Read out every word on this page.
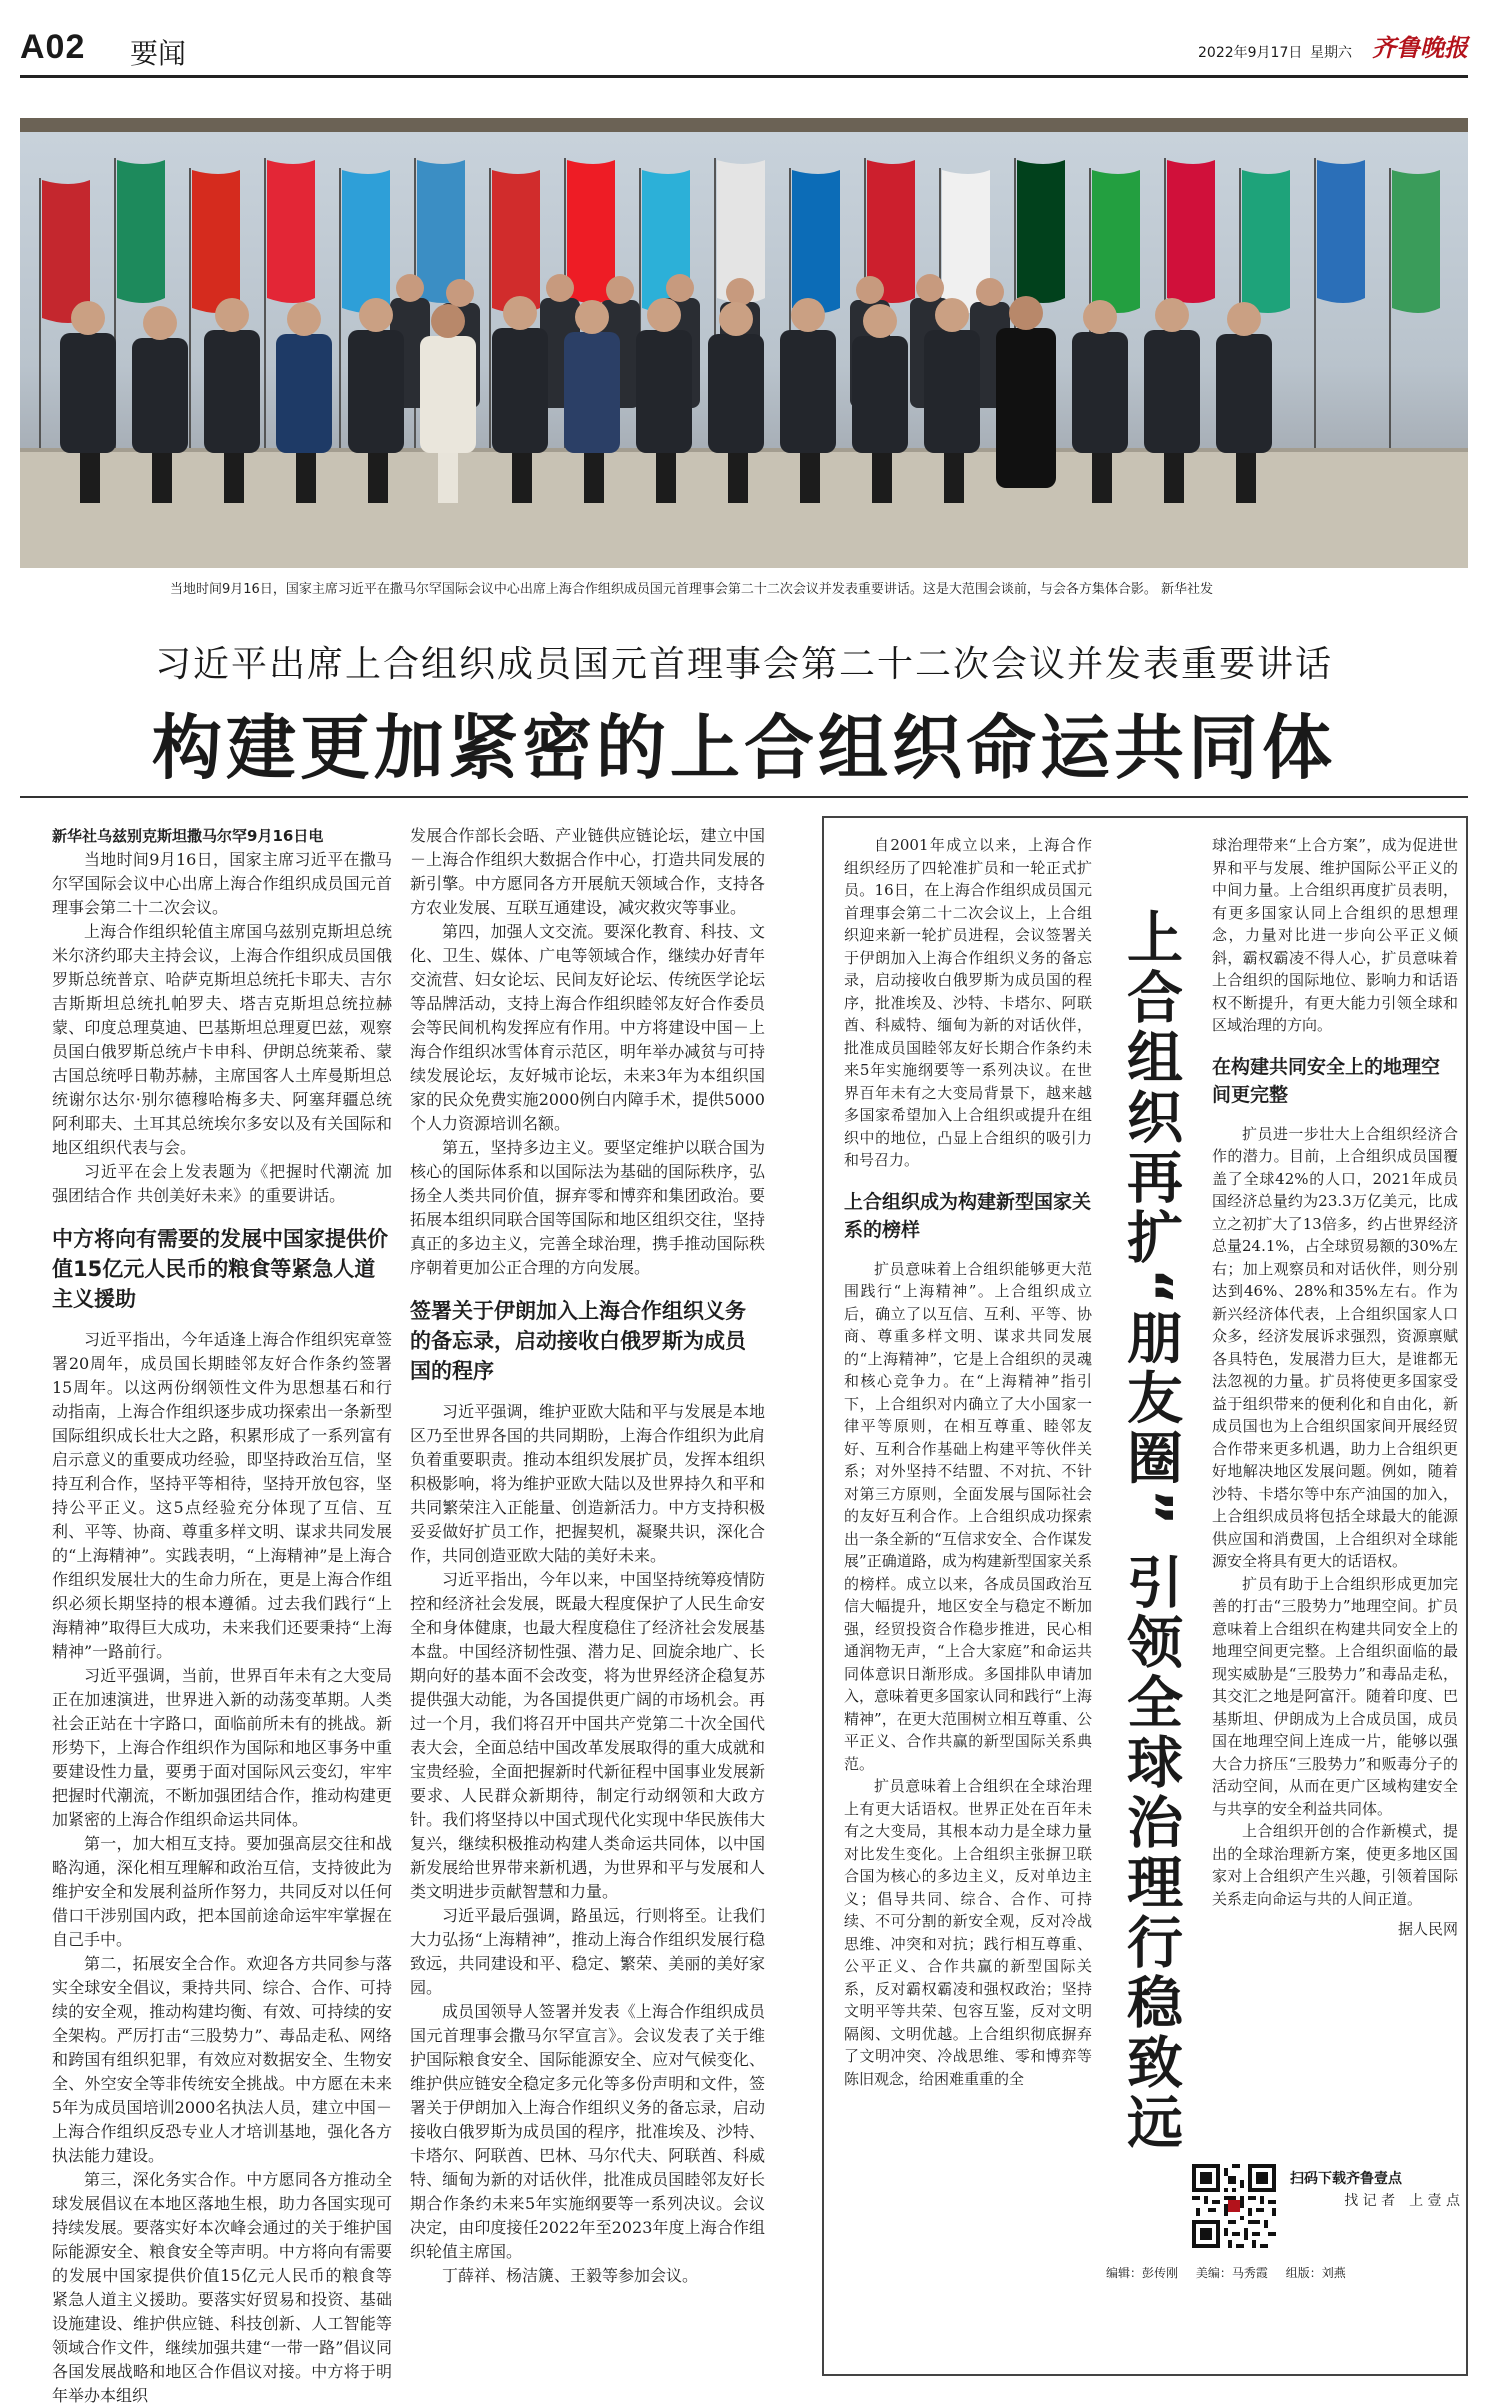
A02 要闻	2022年9月17日 星期六 齐鲁晚报
当地时间9月16日，国家主席习近平在撒马尔罕国际会议中心出席上海合作组织成员国元首理事会第二十二次会议并发表重要讲话。这是大范围会谈前，与会各方集体合影。 新华社发
习近平出席上合组织成员国元首理事会第二十二次会议并发表重要讲话
构建更加紧密的上合组织命运共同体

新华社乌兹别克斯坦撒马尔罕9月16日电

当地时间9月16日，国家主席习近平在撒马尔罕国际会议中心出席上海合作组织成员国元首理事会第二十二次会议。

上海合作组织轮值主席国乌兹别克斯坦总统米尔济约耶夫主持会议，上海合作组织成员国俄罗斯总统普京、哈萨克斯坦总统托卡耶夫、吉尔吉斯斯坦总统扎帕罗夫、塔吉克斯坦总统拉赫蒙、印度总理莫迪、巴基斯坦总理夏巴兹，观察员国白俄罗斯总统卢卡申科、伊朗总统莱希、蒙古国总统呼日勒苏赫，主席国客人土库曼斯坦总统谢尔达尔·别尔德穆哈梅多夫、阿塞拜疆总统阿利耶夫、土耳其总统埃尔多安以及有关国际和地区组织代表与会。

习近平在会上发表题为《把握时代潮流 加强团结合作 共创美好未来》的重要讲话。

中方将向有需要的发展中国家提供价值15亿元人民币的粮食等紧急人道主义援助

习近平指出，今年适逢上海合作组织宪章签署20周年，成员国长期睦邻友好合作条约签署15周年。以这两份纲领性文件为思想基石和行动指南，上海合作组织逐步成功探索出一条新型国际组织成长壮大之路，积累形成了一系列富有启示意义的重要成功经验，即坚持政治互信，坚持互利合作，坚持平等相待，坚持开放包容，坚持公平正义。这5点经验充分体现了互信、互利、平等、协商、尊重多样文明、谋求共同发展的“上海精神”。实践表明，“上海精神”是上海合作组织发展壮大的生命力所在，更是上海合作组织必须长期坚持的根本遵循。过去我们践行“上海精神”取得巨大成功，未来我们还要秉持“上海精神”一路前行。

习近平强调，当前，世界百年未有之大变局正在加速演进，世界进入新的动荡变革期。人类社会正站在十字路口，面临前所未有的挑战。新形势下，上海合作组织作为国际和地区事务中重要建设性力量，要勇于面对国际风云变幻，牢牢把握时代潮流，不断加强团结合作，推动构建更加紧密的上海合作组织命运共同体。

第一，加大相互支持。要加强高层交往和战略沟通，深化相互理解和政治互信，支持彼此为维护安全和发展利益所作努力，共同反对以任何借口干涉别国内政，把本国前途命运牢牢掌握在自己手中。

第二，拓展安全合作。欢迎各方共同参与落实全球安全倡议，秉持共同、综合、合作、可持续的安全观，推动构建均衡、有效、可持续的安全架构。严厉打击“三股势力”、毒品走私、网络和跨国有组织犯罪，有效应对数据安全、生物安全、外空安全等非传统安全挑战。中方愿在未来5年为成员国培训2000名执法人员，建立中国－上海合作组织反恐专业人才培训基地，强化各方执法能力建设。

第三，深化务实合作。中方愿同各方推动全球发展倡议在本地区落地生根，助力各国实现可持续发展。要落实好本次峰会通过的关于维护国际能源安全、粮食安全等声明。中方将向有需要的发展中国家提供价值15亿元人民币的粮食等紧急人道主义援助。要落实好贸易和投资、基础设施建设、维护供应链、科技创新、人工智能等领域合作文件，继续加强共建“一带一路”倡议同各国发展战略和地区合作倡议对接。中方将于明年举办本组织

发展合作部长会晤、产业链供应链论坛，建立中国－上海合作组织大数据合作中心，打造共同发展的新引擎。中方愿同各方开展航天领域合作，支持各方农业发展、互联互通建设，减灾救灾等事业。

第四，加强人文交流。要深化教育、科技、文化、卫生、媒体、广电等领域合作，继续办好青年交流营、妇女论坛、民间友好论坛、传统医学论坛等品牌活动，支持上海合作组织睦邻友好合作委员会等民间机构发挥应有作用。中方将建设中国－上海合作组织冰雪体育示范区，明年举办减贫与可持续发展论坛，友好城市论坛，未来3年为本组织国家的民众免费实施2000例白内障手术，提供5000个人力资源培训名额。

第五，坚持多边主义。要坚定维护以联合国为核心的国际体系和以国际法为基础的国际秩序，弘扬全人类共同价值，摒弃零和博弈和集团政治。要拓展本组织同联合国等国际和地区组织交往，坚持真正的多边主义，完善全球治理，携手推动国际秩序朝着更加公正合理的方向发展。

签署关于伊朗加入上海合作组织义务的备忘录，启动接收白俄罗斯为成员国的程序

习近平强调，维护亚欧大陆和平与发展是本地区乃至世界各国的共同期盼，上海合作组织为此肩负着重要职责。推动本组织发展扩员，发挥本组织积极影响，将为维护亚欧大陆以及世界持久和平和共同繁荣注入正能量、创造新活力。中方支持积极妥妥做好扩员工作，把握契机，凝聚共识，深化合作，共同创造亚欧大陆的美好未来。

习近平指出，今年以来，中国坚持统筹疫情防控和经济社会发展，既最大程度保护了人民生命安全和身体健康，也最大程度稳住了经济社会发展基本盘。中国经济韧性强、潜力足、回旋余地广、长期向好的基本面不会改变，将为世界经济企稳复苏提供强大动能，为各国提供更广阔的市场机会。再过一个月，我们将召开中国共产党第二十次全国代表大会，全面总结中国改革发展取得的重大成就和宝贵经验，全面把握新时代新征程中国事业发展新要求、人民群众新期待，制定行动纲领和大政方针。我们将坚持以中国式现代化实现中华民族伟大复兴，继续积极推动构建人类命运共同体，以中国新发展给世界带来新机遇，为世界和平与发展和人类文明进步贡献智慧和力量。

习近平最后强调，路虽远，行则将至。让我们大力弘扬“上海精神”，推动上海合作组织发展行稳致远，共同建设和平、稳定、繁荣、美丽的美好家园。

成员国领导人签署并发表《上海合作组织成员国元首理事会撒马尔罕宣言》。会议发表了关于维护国际粮食安全、国际能源安全、应对气候变化、维护供应链安全稳定多元化等多份声明和文件，签署关于伊朗加入上海合作组织义务的备忘录，启动接收白俄罗斯为成员国的程序，批准埃及、沙特、卡塔尔、阿联酋、巴林、马尔代夫、阿联酋、科威特、缅甸为新的对话伙伴，批准成员国睦邻友好长期合作条约未来5年实施纲要等一系列决议。会议决定，由印度接任2022年至2023年度上海合作组织轮值主席国。

丁薛祥、杨洁篪、王毅等参加会议。

自2001年成立以来，上海合作组织经历了四轮准扩员和一轮正式扩员。16日，在上海合作组织成员国元首理事会第二十二次会议上，上合组织迎来新一轮扩员进程，会议签署关于伊朗加入上海合作组织义务的备忘录，启动接收白俄罗斯为成员国的程序，批准埃及、沙特、卡塔尔、阿联酋、科威特、缅甸为新的对话伙伴，批准成员国睦邻友好长期合作条约未来5年实施纲要等一系列决议。在世界百年未有之大变局背景下，越来越多国家希望加入上合组织或提升在组织中的地位，凸显上合组织的吸引力和号召力。

上合组织成为构建新型国家关系的榜样

扩员意味着上合组织能够更大范围践行“上海精神”。上合组织成立后，确立了以互信、互利、平等、协商、尊重多样文明、谋求共同发展的“上海精神”，它是上合组织的灵魂和核心竞争力。在“上海精神”指引下，上合组织对内确立了大小国家一律平等原则，在相互尊重、睦邻友好、互利合作基础上构建平等伙伴关系；对外坚持不结盟、不对抗、不针对第三方原则，全面发展与国际社会的友好互利合作。上合组织成功探索出一条全新的“互信求安全、合作谋发展”正确道路，成为构建新型国家关系的榜样。成立以来，各成员国政治互信大幅提升，地区安全与稳定不断加强，经贸投资合作稳步推进，民心相通润物无声，“上合大家庭”和命运共同体意识日渐形成。多国排队申请加入，意味着更多国家认同和践行“上海精神”，在更大范围树立相互尊重、公平正义、合作共赢的新型国际关系典范。

扩员意味着上合组织在全球治理上有更大话语权。世界正处在百年未有之大变局，其根本动力是全球力量对比发生变化。上合组织主张摒卫联合国为核心的多边主义，反对单边主义；倡导共同、综合、合作、可持续、不可分割的新安全观，反对冷战思维、冲突和对抗；践行相互尊重、公平正义、合作共赢的新型国际关系，反对霸权霸凌和强权政治；坚持文明平等共荣、包容互鉴，反对文明隔阂、文明优越。上合组织彻底摒弃了文明冲突、冷战思维、零和博弈等陈旧观念，给困难重重的全	上合组织再扩“朋友圈” 引领全球治理行稳致远

球治理带来“上合方案”，成为促进世界和平与发展、维护国际公平正义的中间力量。上合组织再度扩员表明，有更多国家认同上合组织的思想理念，力量对比进一步向公平正义倾斜，霸权霸凌不得人心，扩员意味着上合组织的国际地位、影响力和话语权不断提升，有更大能力引领全球和区域治理的方向。

在构建共同安全上的地理空间更完整

扩员进一步壮大上合组织经济合作的潜力。目前，上合组织成员国覆盖了全球42%的人口，2021年成员国经济总量约为23.3万亿美元，比成立之初扩大了13倍多，约占世界经济总量24.1%，占全球贸易额的30%左右；加上观察员和对话伙伴，则分别达到46%、28%和35%左右。作为新兴经济体代表，上合组织国家人口众多，经济发展诉求强烈，资源禀赋各具特色，发展潜力巨大，是谁都无法忽视的力量。扩员将使更多国家受益于组织带来的便利化和自由化，新成员国也为上合组织国家间开展经贸合作带来更多机遇，助力上合组织更好地解决地区发展问题。例如，随着沙特、卡塔尔等中东产油国的加入，上合组织成员将包括全球最大的能源供应国和消费国，上合组织对全球能源安全将具有更大的话语权。

扩员有助于上合组织形成更加完善的打击“三股势力”地理空间。扩员意味着上合组织在构建共同安全上的地理空间更完整。上合组织面临的最现实威胁是“三股势力”和毒品走私，其交汇之地是阿富汗。随着印度、巴基斯坦、伊朗成为上合成员国，成员国在地理空间上连成一片，能够以强大合力挤压“三股势力”和贩毒分子的活动空间，从而在更广区域构建安全与共享的安全利益共同体。

上合组织开创的合作新模式，提出的全球治理新方案，使更多地区国家对上合组织产生兴趣，引领着国际关系走向命运与共的人间正道。

据人民网

扫码下载齐鲁壹点
找 记 者　上 壹 点
编辑：彭传刚 美编：马秀霞 组版：刘燕
